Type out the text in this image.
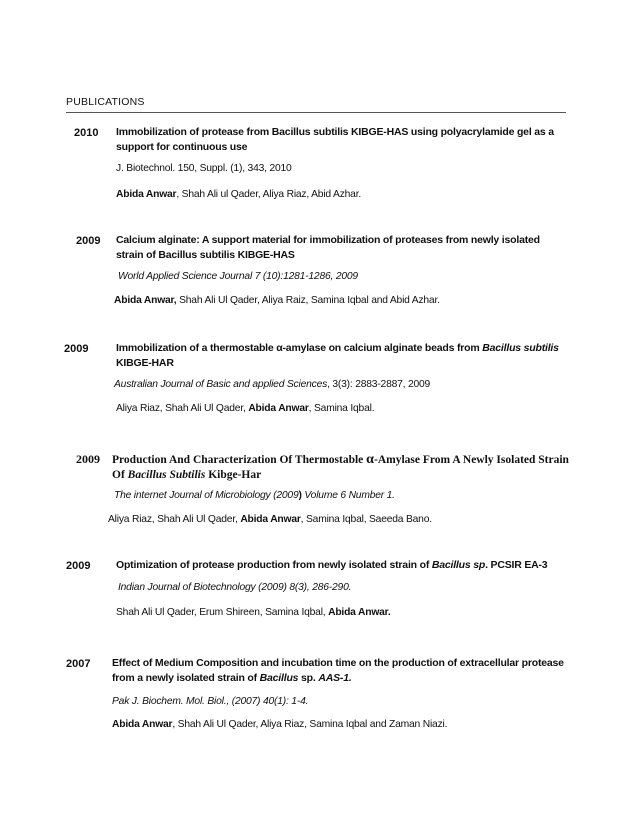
PUBLICATIONS
2010 Immobilization of protease from Bacillus subtilis KIBGE-HAS using polyacrylamide gel as a support for continuous use
J. Biotechnol. 150, Suppl. (1), 343, 2010
Abida Anwar, Shah Ali ul Qader, Aliya Riaz, Abid Azhar.
2009 Calcium alginate: A support material for immobilization of proteases from newly isolated strain of Bacillus subtilis KIBGE-HAS
World Applied Science Journal 7 (10):1281-1286, 2009
Abida Anwar, Shah Ali Ul Qader, Aliya Raiz, Samina Iqbal and Abid Azhar.
2009	Immobilization of a thermostable α-amylase on calcium alginate beads from Bacillus subtilis KIBGE-HAR
Australian Journal of Basic and applied Sciences, 3(3): 2883-2887, 2009
Aliya Riaz, Shah Ali Ul Qader, Abida Anwar, Samina Iqbal.
2009 Production And Characterization Of Thermostable α-Amylase From A Newly Isolated Strain Of Bacillus Subtilis Kibge-Har
The internet Journal of Microbiology (2009) Volume 6 Number 1.
Aliya Riaz, Shah Ali Ul Qader, Abida Anwar, Samina Iqbal, Saeeda Bano.
2009 Optimization of protease production from newly isolated strain of Bacillus sp. PCSIR EA-3
Indian Journal of Biotechnology (2009) 8(3), 286-290.
Shah Ali Ul Qader, Erum Shireen, Samina Iqbal, Abida Anwar.
2007 Effect of Medium Composition and incubation time on the production of extracellular protease from a newly isolated strain of Bacillus sp. AAS-1.
Pak J. Biochem. Mol. Biol., (2007) 40(1): 1-4.
Abida Anwar, Shah Ali Ul Qader, Aliya Riaz, Samina Iqbal and Zaman Niazi.
